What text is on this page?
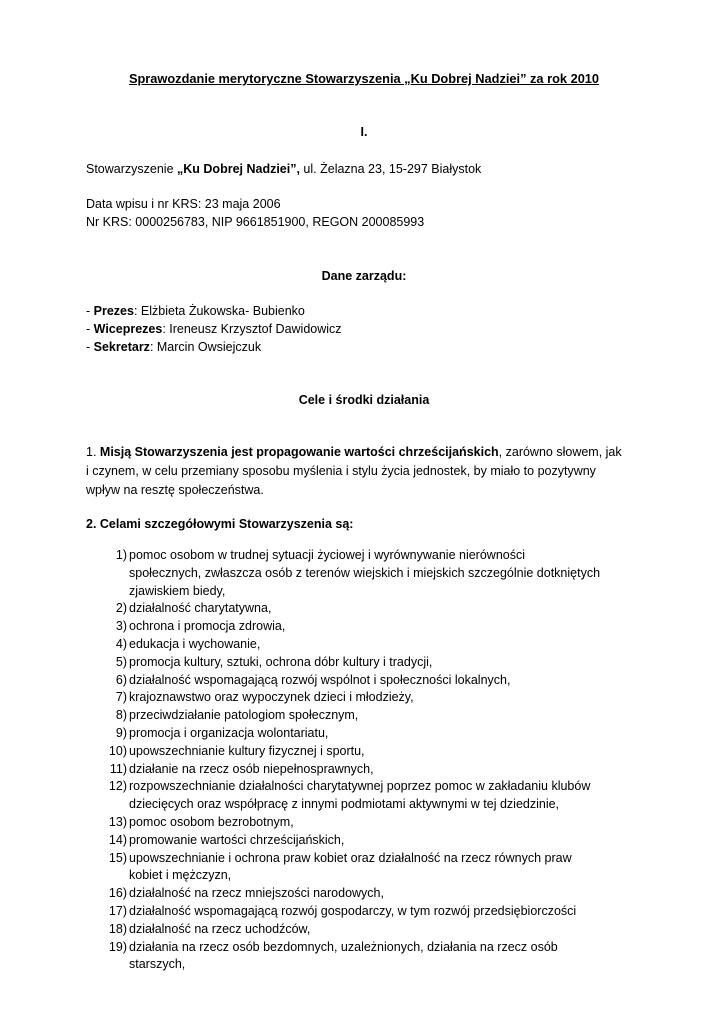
Sprawozdanie merytoryczne Stowarzyszenia „Ku Dobrej Nadziei” za rok 2010
I.
Stowarzyszenie „Ku Dobrej Nadziei”, ul. Żelazna 23, 15-297 Białystok
Data wpisu i nr KRS: 23 maja 2006
Nr KRS: 0000256783, NIP 9661851900, REGON 200085993
Dane zarządu:
- Prezes: Elżbieta Żukowska- Bubienko
- Wiceprezes: Ireneusz Krzysztof Dawidowicz
- Sekretarz: Marcin Owsiejczuk
Cele i środki działania
1. Misją Stowarzyszenia jest propagowanie wartości chrześcijańskich, zarówno słowem, jak
i czynem, w celu przemiany sposobu myślenia i stylu życia jednostek, by miało to pozytywny
wpływ na resztę społeczeństwa.
2. Celami szczegółowymi Stowarzyszenia są:
1) pomoc osobom w trudnej sytuacji życiowej i wyrównywanie nierówności
społecznych, zwłaszcza osób z terenów wiejskich i miejskich szczególnie dotkniętych
zjawiskiem biedy,
2) działalność charytatywna,
3) ochrona i promocja zdrowia,
4) edukacja i wychowanie,
5) promocja kultury, sztuki, ochrona dóbr kultury i tradycji,
6) działalność wspomagającą rozwój wspólnot i społeczności lokalnych,
7) krajoznawstwo oraz wypoczynek dzieci i młodzieży,
8) przeciwdziałanie patologiom społecznym,
9) promocja i organizacja wolontariatu,
10) upowszechnianie kultury fizycznej i sportu,
11) działanie na rzecz osób niepełnosprawnych,
12) rozpowszechnianie działalności charytatywnej poprzez pomoc w zakładaniu klubów
dziecięcych oraz współpracę z innymi podmiotami aktywnymi w tej dziedzinie,
13) pomoc osobom bezrobotnym,
14) promowanie wartości chrześcijańskich,
15) upowszechnianie i ochrona praw kobiet oraz działalność na rzecz równych praw
kobiet i mężczyzn,
16) działalność na rzecz mniejszości narodowych,
17) działalność wspomagającą rozwój gospodarczy, w tym rozwój przedsiębiorczości
18) działalność na rzecz uchodźców,
19) działania na rzecz osób bezdomnych, uzależnionych, działania na rzecz osób
starszych,
